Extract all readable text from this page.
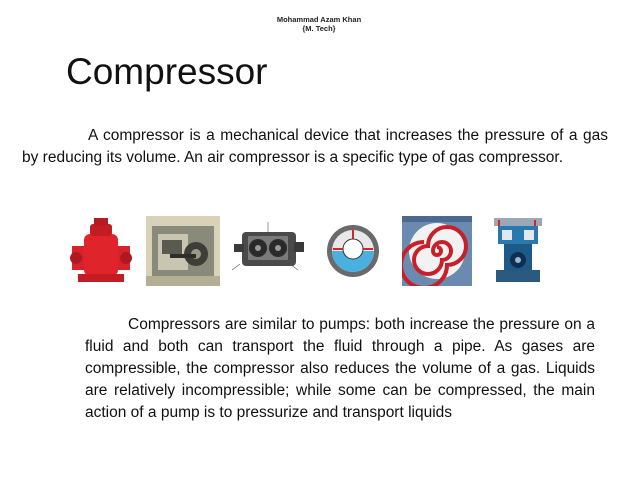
Mohammad Azam Khan
{M. Tech}
Compressor

A compressor is a mechanical device that increases the pressure of a gas by reducing its volume. An air compressor is a specific type of gas compressor.

Compressors are similar to pumps: both increase the pressure on a fluid and both can transport the fluid through a pipe. As gases are compressible, the compressor also reduces the volume of a gas. Liquids are relatively incompressible; while some can be compressed, the main action of a pump is to pressurize and transport liquids
